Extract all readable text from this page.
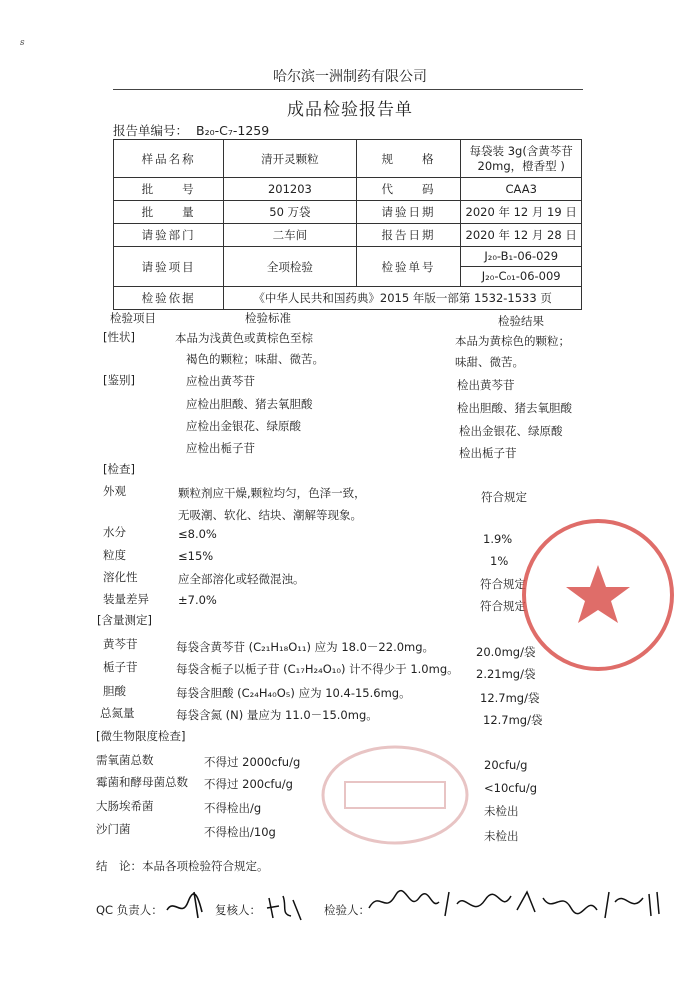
𝑠
哈尔滨一洲制药有限公司
成品检验报告单
报告单编号： B₂₀-C₇-1259
样品名称	清开灵颗粒	规　　格	每袋装 3g(含黄芩苷
20mg，橙香型 )

批　　号	201203	代　　码	CAA3
批　　量	50 万袋	请验日期	2020 年 12 月 19 日
请验部门	二车间	报告日期	2020 年 12 月 28 日
请验项目	全项检验	检验单号	J₂₀-B₁-06-029
J₂₀-C₀₁-06-009

检验依据	《中华人民共和国药典》2015 年版一部第 1532-1533 页		
检验项目	检验标准	检验结果
[性状]	本品为浅黄色或黄棕色至棕
褐色的颗粒；味甜、微苦。
本品为黄棕色的颗粒；
味甜、微苦。
[鉴别]	应检出黄芩苷	检出黄芩苷
应检出胆酸、猪去氧胆酸	检出胆酸、猪去氧胆酸
应检出金银花、绿原酸	检出金银花、绿原酸
应检出栀子苷	检出栀子苷
[检查]
外观	颗粒剂应干燥,颗粒均匀，色泽一致，
无吸潮、软化、结块、潮解等现象。
符合规定
水分	≤8.0%	1.9%
粒度	≤15%	1%
溶化性	应全部溶化或轻微混浊。	符合规定
装量差异	±7.0%	符合规定
[含量测定]
黄芩苷	每袋含黄芩苷 (C₂₁H₁₈O₁₁) 应为 18.0－22.0mg。	20.0mg/袋
栀子苷	每袋含栀子以栀子苷 (C₁₇H₂₄O₁₀) 计不得少于 1.0mg。 2.21mg/袋
胆酸	每袋含胆酸 (C₂₄H₄₀O₅) 应为 10.4-15.6mg。	12.7mg/袋
总氮量	每袋含氮 (N) 量应为 11.0－15.0mg。	12.7mg/袋
[微生物限度检查]
需氧菌总数	不得过 2000cfu/g	20cfu/g
霉菌和酵母菌总数 不得过 200cfu/g	<10cfu/g
大肠埃希菌	不得检出/g	未检出
沙门菌	不得检出/10g	未检出
结　论：本品各项检验符合规定。
QC 负责人：	复核人：	检验人：
